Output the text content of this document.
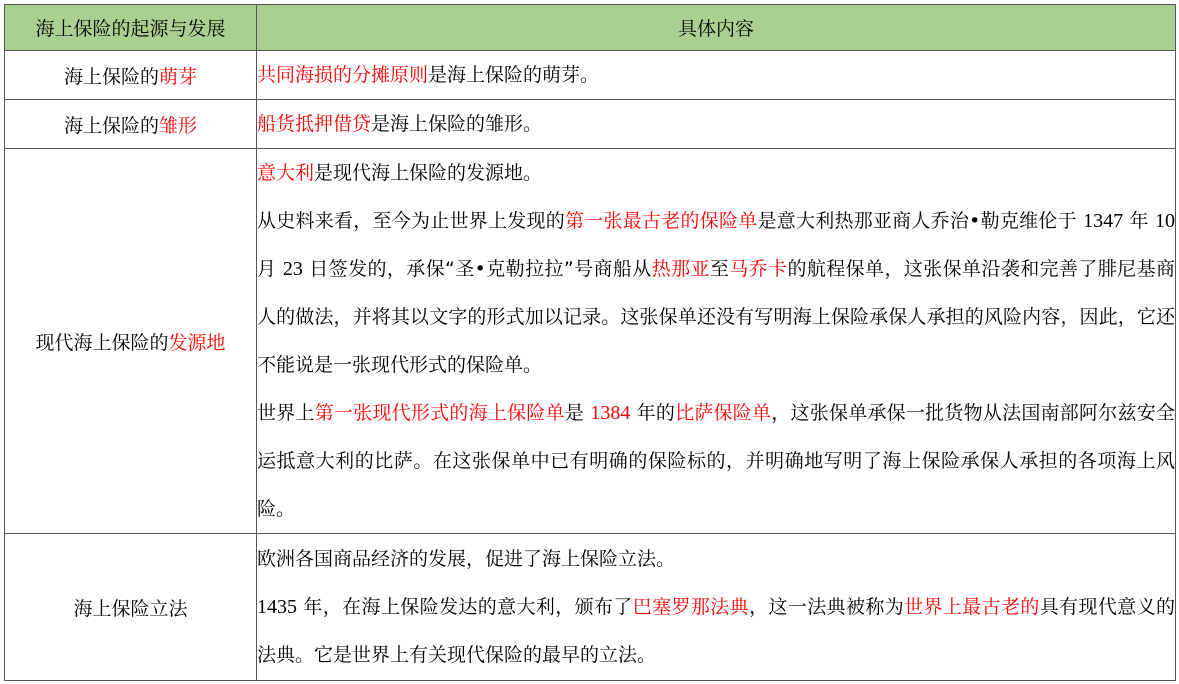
海上保险的起源与发展	具体内容
海上保险的萌芽	共同海损的分摊原则是海上保险的萌芽。

海上保险的雏形	船货抵押借贷是海上保险的雏形。

现代海上保险的发源地	意大利是现代海上保险的发源地。
从史料来看，至今为止世界上发现的第一张最古老的保险单是意大利热那亚商人乔治•勒克维伦于 1347 年 10 月 23 日签发的，承保“圣•克勒拉拉”号商船从热那亚至马乔卡的航程保单，这张保单沿袭和完善了腓尼基商人的做法，并将其以文字的形式加以记录。这张保单还没有写明海上保险承保人承担的风险内容，因此，它还不能说是一张现代形式的保险单。
世界上第一张现代形式的海上保险单是 1384 年的比萨保险单，这张保单承保一批货物从法国南部阿尔兹安全运抵意大利的比萨。在这张保单中已有明确的保险标的，并明确地写明了海上保险承保人承担的各项海上风险。

海上保险立法	欧洲各国商品经济的发展，促进了海上保险立法。
1435 年，在海上保险发达的意大利，颁布了巴塞罗那法典，这一法典被称为世界上最古老的具有现代意义的法典。它是世界上有关现代保险的最早的立法。
